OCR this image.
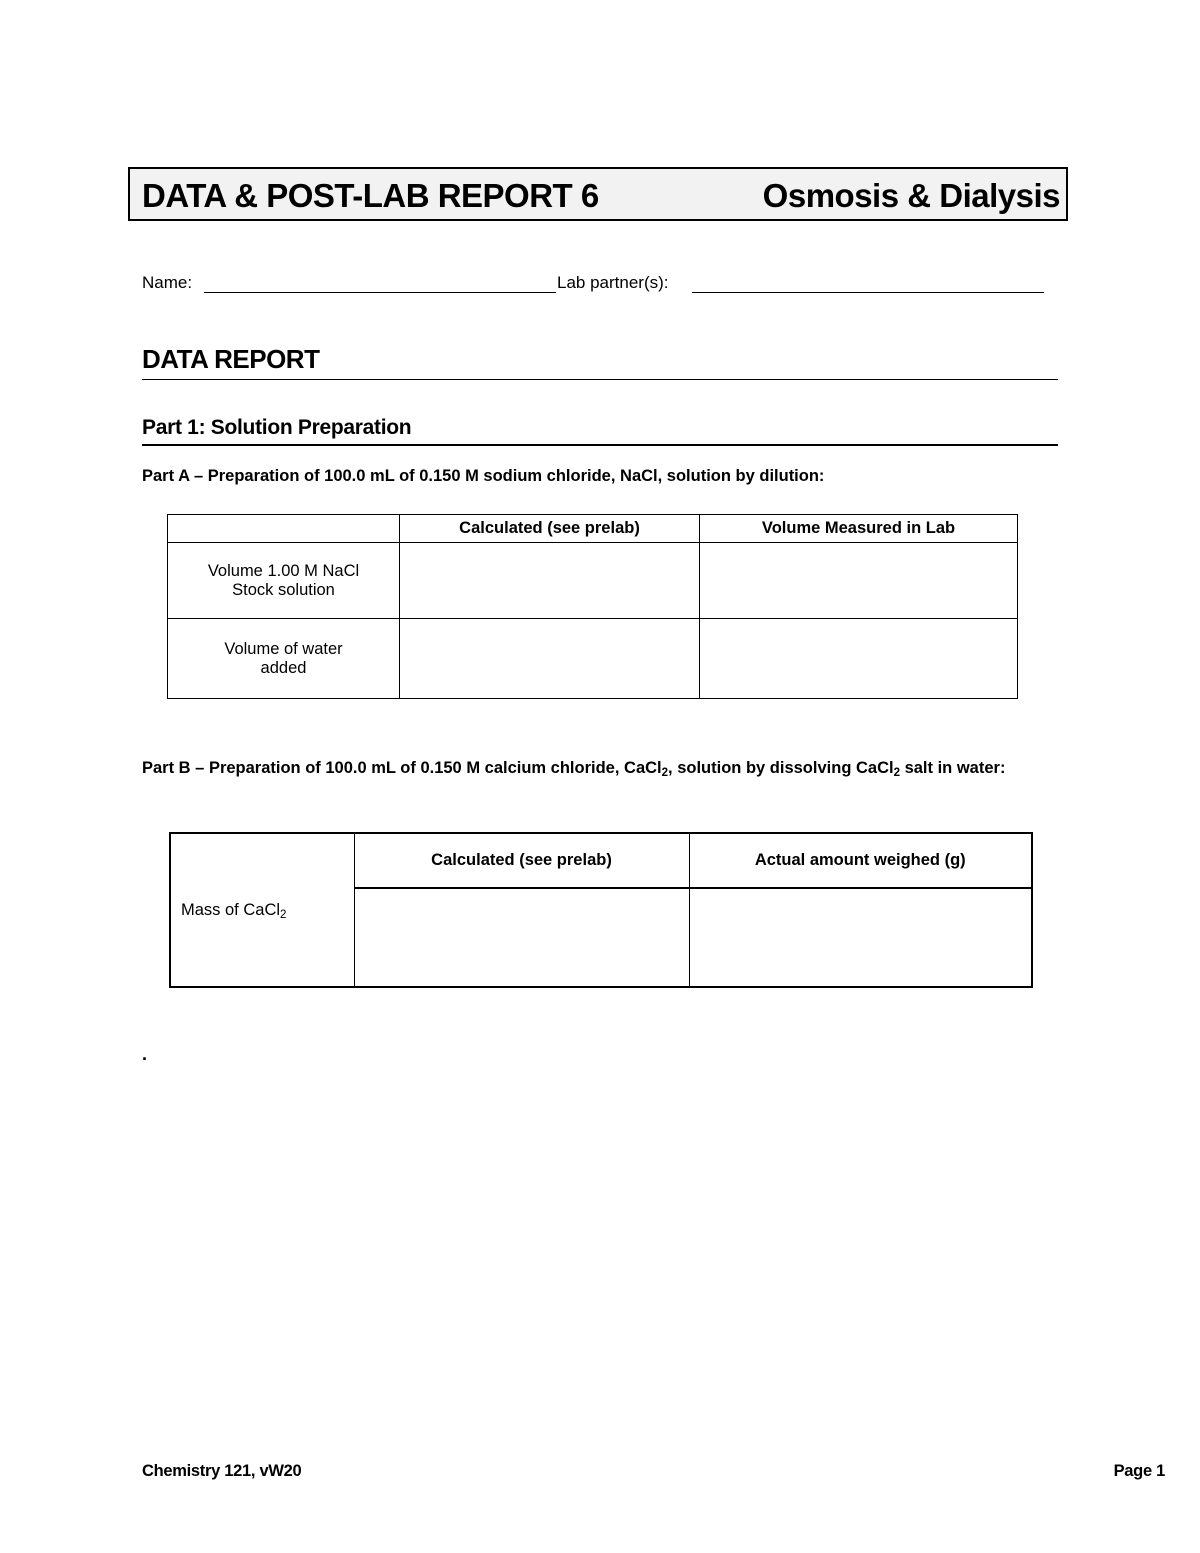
DATA & POST-LAB REPORT 6	Osmosis & Dialysis
Name:	Lab partner(s):
DATA REPORT
Part 1: Solution Preparation
Part A – Preparation of 100.0 mL of 0.150 M sodium chloride, NaCl, solution by dilution:
	Calculated (see prelab)	Volume Measured in Lab

Volume 1.00 M NaCl
Stock solution		

Volume of water
added		

Part B – Preparation of 100.0 mL of 0.150 M calcium chloride, CaCl$_2$, solution by dissolving CaCl$_2$ salt in water:
Mass of CaCl$_2$	Calculated (see prelab)	Actual amount weighed (g)

.
Chemistry 121, vW20	Page 1
